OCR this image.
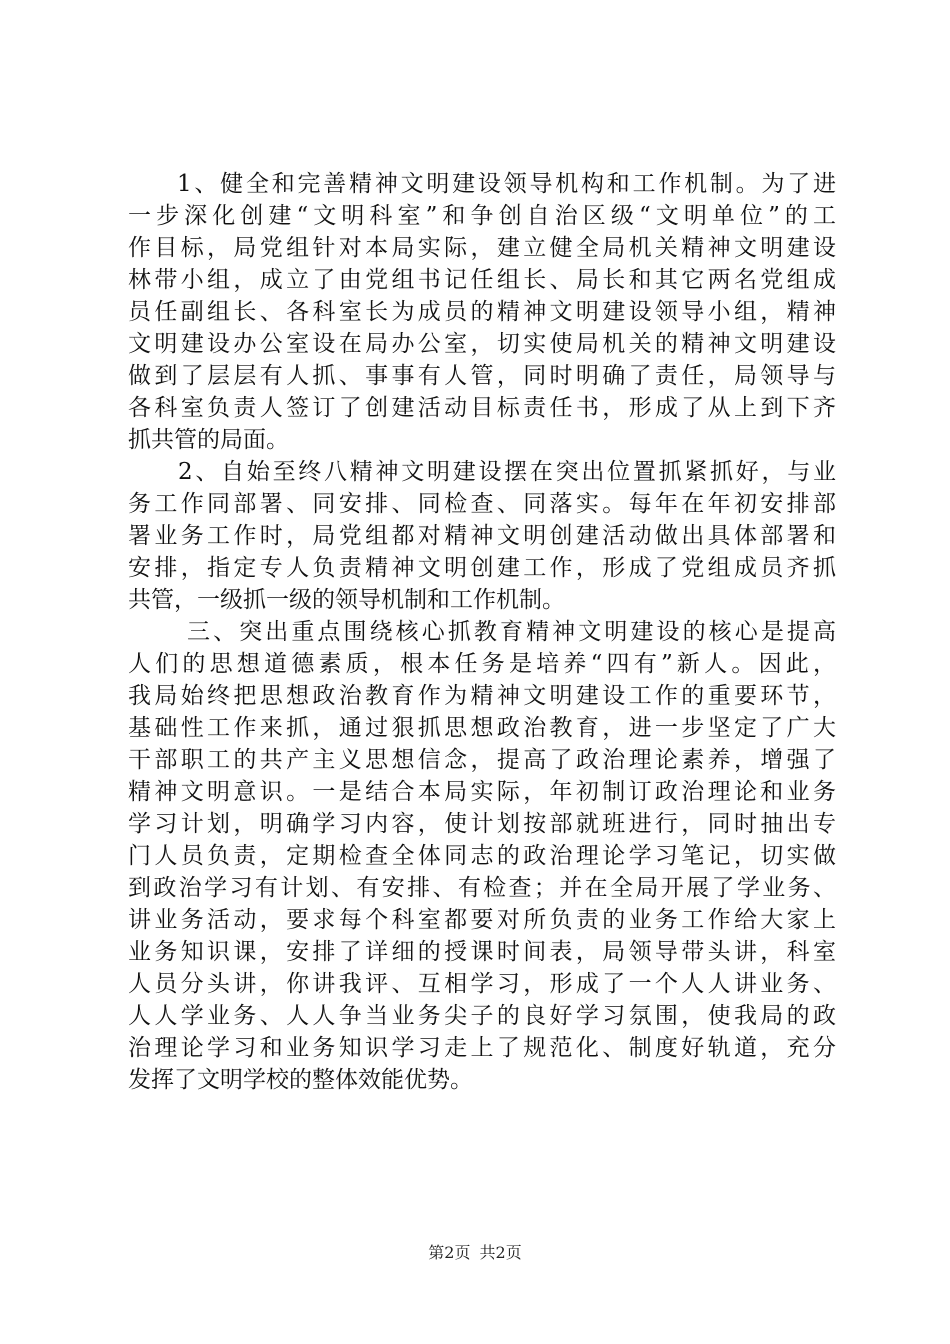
1、健全和完善精神文明建设领导机构和工作机制。为了进
一步深化创建“文明科室”和争创自治区级“文明单位”的工
作目标，局党组针对本局实际，建立健全局机关精神文明建设
林带小组，成立了由党组书记任组长、局长和其它两名党组成
员任副组长、各科室长为成员的精神文明建设领导小组，精神
文明建设办公室设在局办公室，切实使局机关的精神文明建设
做到了层层有人抓、事事有人管，同时明确了责任，局领导与
各科室负责人签订了创建活动目标责任书，形成了从上到下齐
抓共管的局面。
2、自始至终八精神文明建设摆在突出位置抓紧抓好，与业
务工作同部署、同安排、同检查、同落实。每年在年初安排部
署业务工作时，局党组都对精神文明创建活动做出具体部署和
安排，指定专人负责精神文明创建工作，形成了党组成员齐抓
共管，一级抓一级的领导机制和工作机制。
三、突出重点围绕核心抓教育精神文明建设的核心是提高
人们的思想道德素质，根本任务是培养“四有”新人。因此，
我局始终把思想政治教育作为精神文明建设工作的重要环节，
基础性工作来抓，通过狠抓思想政治教育，进一步坚定了广大
干部职工的共产主义思想信念，提高了政治理论素养，增强了
精神文明意识。一是结合本局实际，年初制订政治理论和业务
学习计划，明确学习内容，使计划按部就班进行，同时抽出专
门人员负责，定期检查全体同志的政治理论学习笔记，切实做
到政治学习有计划、有安排、有检查；并在全局开展了学业务、
讲业务活动，要求每个科室都要对所负责的业务工作给大家上
业务知识课，安排了详细的授课时间表，局领导带头讲，科室
人员分头讲，你讲我评、互相学习，形成了一个人人讲业务、
人人学业务、人人争当业务尖子的良好学习氛围，使我局的政
治理论学习和业务知识学习走上了规范化、制度好轨道，充分
发挥了文明学校的整体效能优势。
第2页 共2页
